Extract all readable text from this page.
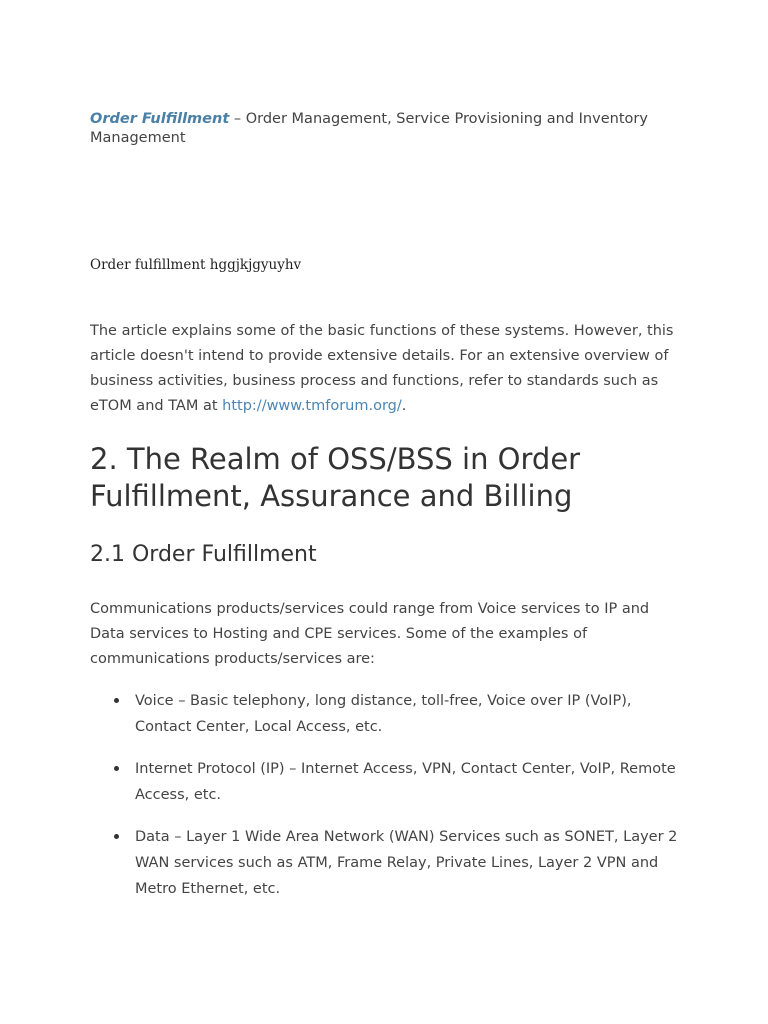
Order Fulfillment – Order Management, Service Provisioning and Inventory Management
Order fulfillment hggjkjgyuyhv

The article explains some of the basic functions of these systems. However, this article doesn't intend to provide extensive details. For an extensive overview of business activities, business process and functions, refer to standards such as eTOM and TAM at http://www.tmforum.org/.

2. The Realm of OSS/BSS in Order Fulfillment, Assurance and Billing
2.1 Order Fulfillment

Communications products/services could range from Voice services to IP and Data services to Hosting and CPE services. Some of the examples of communications products/services are:

Voice – Basic telephony, long distance, toll-free, Voice over IP (VoIP), Contact Center, Local Access, etc.
Internet Protocol (IP) – Internet Access, VPN, Contact Center, VoIP, Remote Access, etc.
Data – Layer 1 Wide Area Network (WAN) Services such as SONET, Layer 2 WAN services such as ATM, Frame Relay, Private Lines, Layer 2 VPN and Metro Ethernet, etc.
